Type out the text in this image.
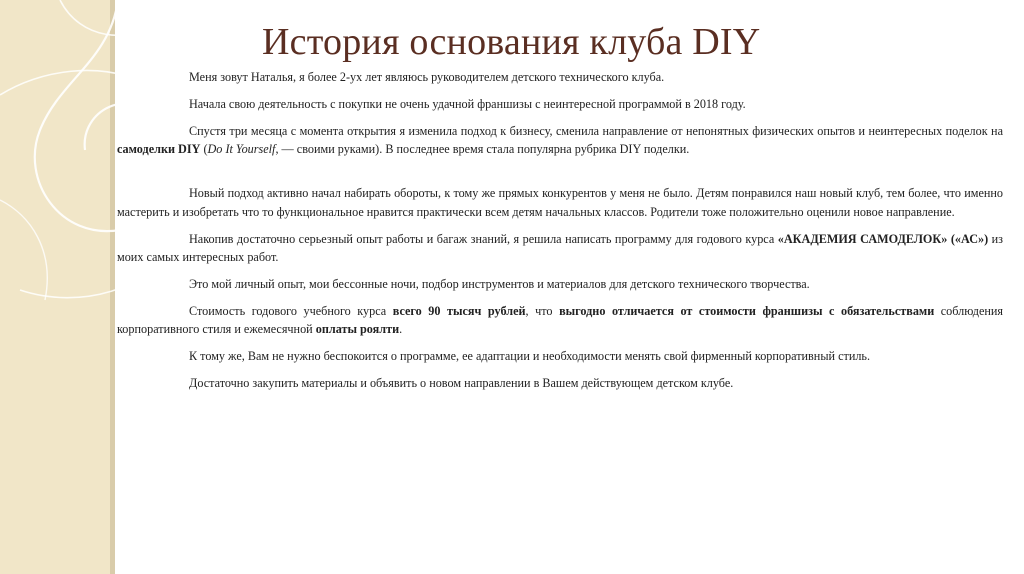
История основания клуба DIY

Меня зовут Наталья, я более 2-ух лет являюсь руководителем детского технического клуба.

Начала свою деятельность с покупки не очень удачной франшизы с неинтересной программой в 2018 году.

Спустя три месяца с момента открытия я изменила подход к бизнесу, сменила направление от непонятных физических опытов и неинтересных поделок на самоделки DIY (Do It Yourself, — своими руками). В последнее время стала популярна рубрика DIY поделки.

Новый подход активно начал набирать обороты, к тому же прямых конкурентов у меня не было. Детям понравился наш новый клуб, тем более, что именно мастерить и изобретать что то функциональное нравится практически всем детям начальных классов. Родители тоже положительно оценили новое направление.

Накопив достаточно серьезный опыт работы и багаж знаний, я решила написать программу для годового курса «АКАДЕМИЯ САМОДЕЛОК» («АС») из моих самых интересных работ.

Это мой личный опыт, мои бессонные ночи, подбор инструментов и материалов для детского технического творчества.

Стоимость годового учебного курса всего 90 тысяч рублей, что выгодно отличается от стоимости франшизы с обязательствами соблюдения корпоративного стиля и ежемесячной оплаты роялти.

К тому же, Вам не нужно беспокоится о программе, ее адаптации и необходимости менять свой фирменный корпоративный стиль.

Достаточно закупить материалы и объявить о новом направлении в Вашем действующем детском клубе.
